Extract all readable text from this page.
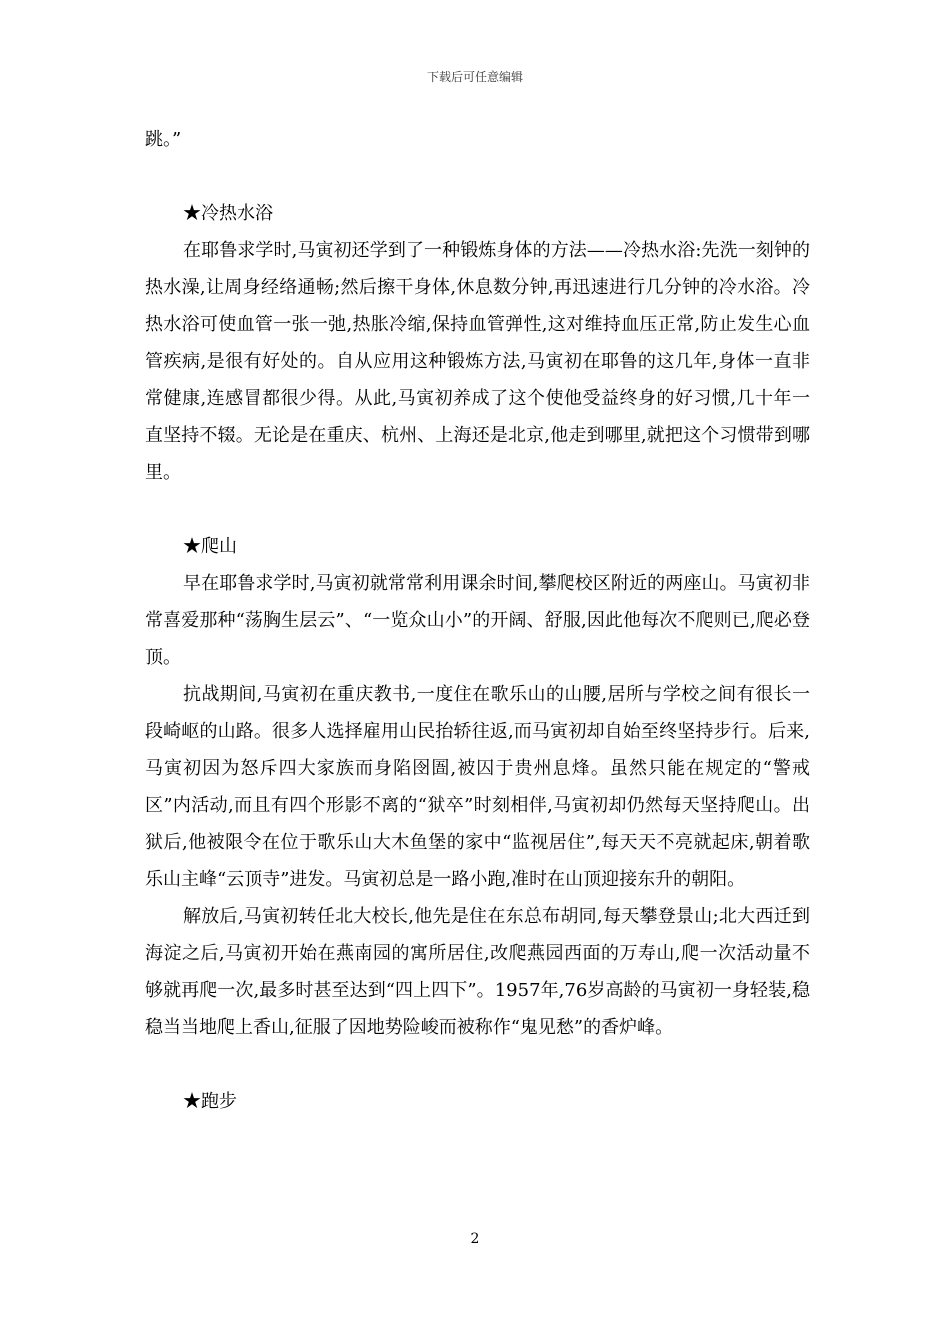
下载后可任意编辑

跳。”

★冷热水浴

在耶鲁求学时,马寅初还学到了一种锻炼身体的方法——冷热水浴:先洗一刻钟的热水澡,让周身经络通畅;然后擦干身体,休息数分钟,再迅速进行几分钟的冷水浴。冷热水浴可使血管一张一弛,热胀冷缩,保持血管弹性,这对维持血压正常,防止发生心血管疾病,是很有好处的。自从应用这种锻炼方法,马寅初在耶鲁的这几年,身体一直非常健康,连感冒都很少得。从此,马寅初养成了这个使他受益终身的好习惯,几十年一直坚持不辍。无论是在重庆、杭州、上海还是北京,他走到哪里,就把这个习惯带到哪里。

★爬山

早在耶鲁求学时,马寅初就常常利用课余时间,攀爬校区附近的两座山。马寅初非常喜爱那种“荡胸生层云”、“一览众山小”的开阔、舒服,因此他每次不爬则已,爬必登顶。

抗战期间,马寅初在重庆教书,一度住在歌乐山的山腰,居所与学校之间有很长一段崎岖的山路。很多人选择雇用山民抬轿往返,而马寅初却自始至终坚持步行。后来,马寅初因为怒斥四大家族而身陷囹圄,被囚于贵州息烽。虽然只能在规定的“警戒区”内活动,而且有四个形影不离的“狱卒”时刻相伴,马寅初却仍然每天坚持爬山。出狱后,他被限令在位于歌乐山大木鱼堡的家中“监视居住”,每天天不亮就起床,朝着歌乐山主峰“云顶寺”进发。马寅初总是一路小跑,准时在山顶迎接东升的朝阳。

解放后,马寅初转任北大校长,他先是住在东总布胡同,每天攀登景山;北大西迁到海淀之后,马寅初开始在燕南园的寓所居住,改爬燕园西面的万寿山,爬一次活动量不够就再爬一次,最多时甚至达到“四上四下”。1957年,76岁高龄的马寅初一身轻装,稳稳当当地爬上香山,征服了因地势险峻而被称作“鬼见愁”的香炉峰。

★跑步

2
